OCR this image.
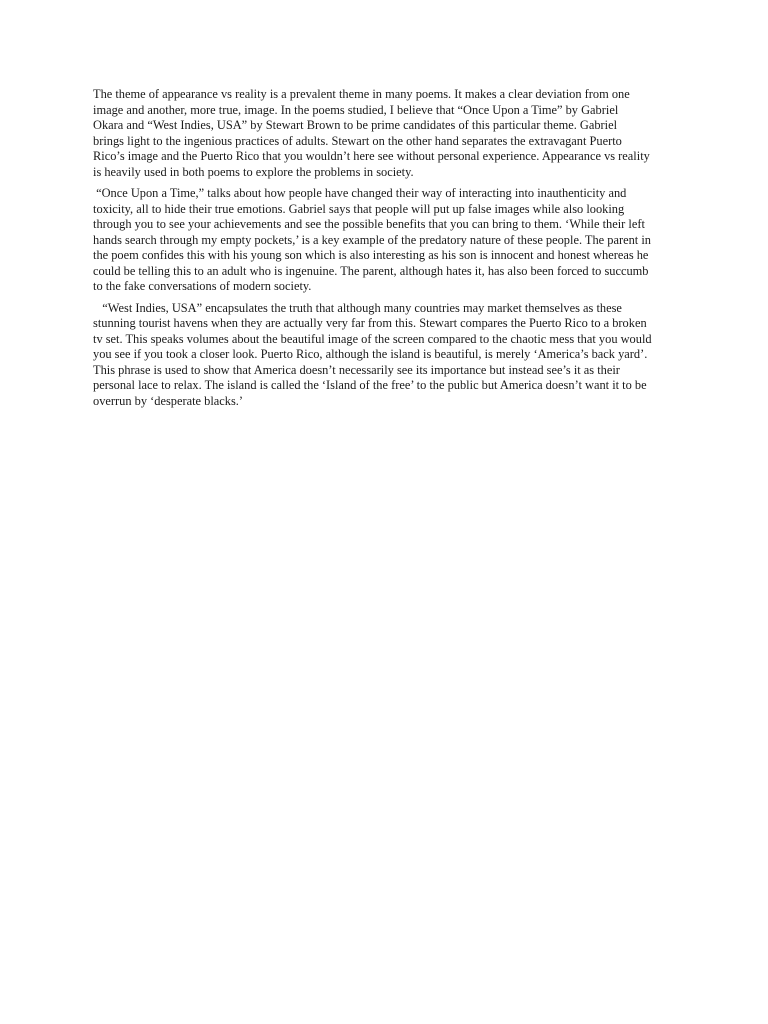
The theme of appearance vs reality is a prevalent theme in many poems. It makes a clear deviation from one
image and another, more true, image. In the poems studied, I believe that “Once Upon a Time” by Gabriel
Okara and “West Indies, USA” by Stewart Brown to be prime candidates of this particular theme. Gabriel
brings light to the ingenious practices of adults. Stewart on the other hand separates the extravagant Puerto
Rico’s image and the Puerto Rico that you wouldn’t here see without personal experience. Appearance vs reality
is heavily used in both poems to explore the problems in society.

“Once Upon a Time,” talks about how people have changed their way of interacting into inauthenticity and
toxicity, all to hide their true emotions. Gabriel says that people will put up false images while also looking
through you to see your achievements and see the possible benefits that you can bring to them. ‘While their left
hands search through my empty pockets,’ is a key example of the predatory nature of these people. The parent in
the poem confides this with his young son which is also interesting as his son is innocent and honest whereas he
could be telling this to an adult who is ingenuine. The parent, although hates it, has also been forced to succumb
to the fake conversations of modern society.

“West Indies, USA” encapsulates the truth that although many countries may market themselves as these
stunning tourist havens when they are actually very far from this. Stewart compares the Puerto Rico to a broken
tv set. This speaks volumes about the beautiful image of the screen compared to the chaotic mess that you would
you see if you took a closer look. Puerto Rico, although the island is beautiful, is merely ‘America’s back yard’.
This phrase is used to show that America doesn’t necessarily see its importance but instead see’s it as their
personal lace to relax. The island is called the ‘Island of the free’ to the public but America doesn’t want it to be
overrun by ‘desperate blacks.’
